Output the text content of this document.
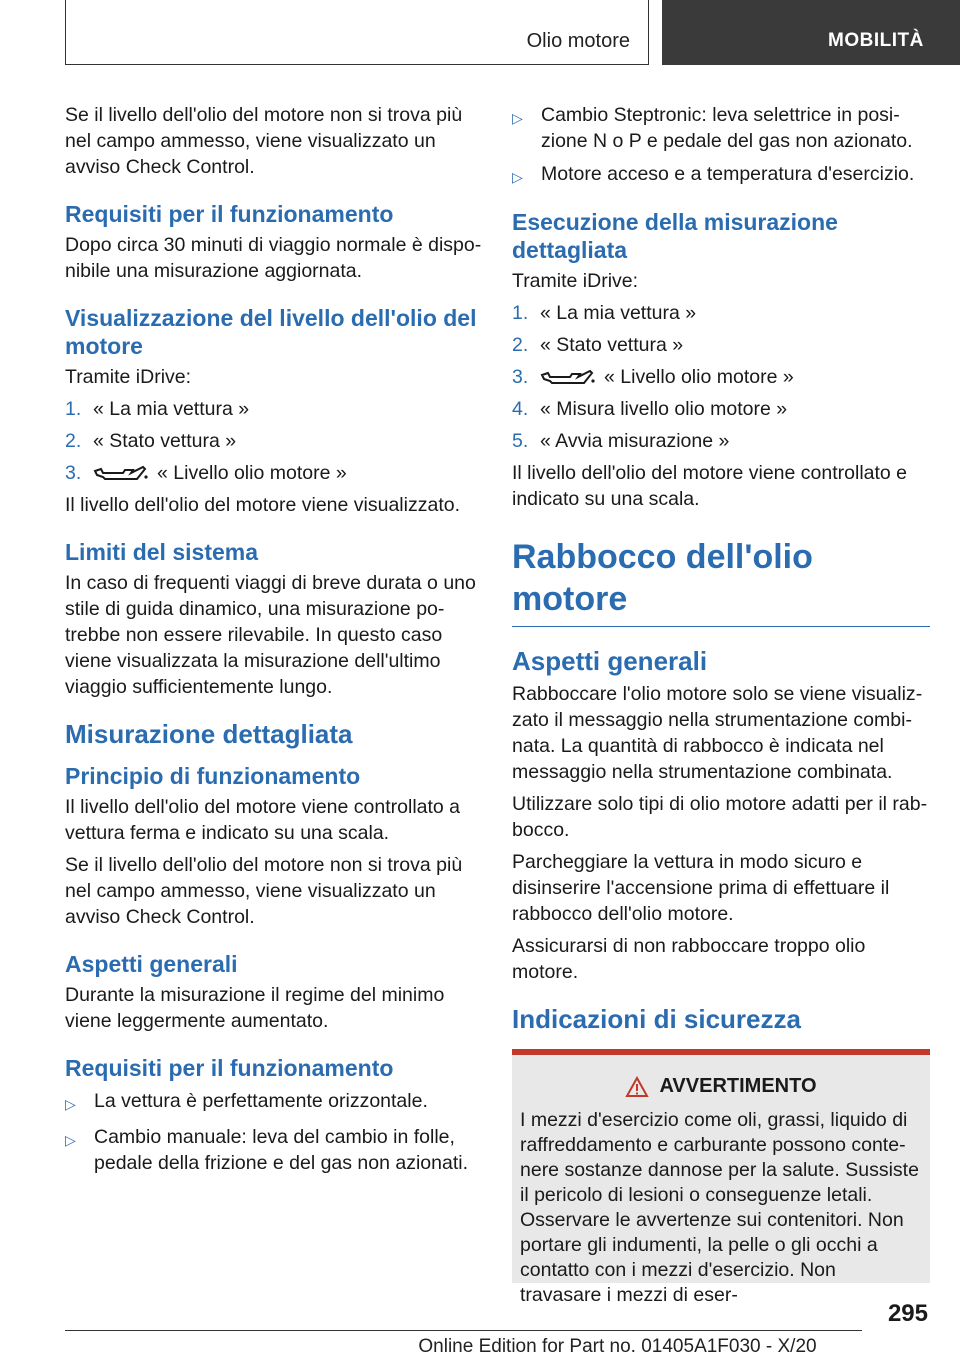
Olio motore	MOBILITÀ

Se il livello dell'olio del motore non si trova più nel campo ammesso, viene visualizzato un avviso Check Control.

Requisiti per il funzionamento

Dopo circa 30 minuti di viaggio normale è disponibile una misurazione aggiornata.

Visualizzazione del livello dell'olio del motore

Tramite iDrive:

1. « La mia vettura »
2. « Stato vettura »
3.	« Livello olio motore »

Il livello dell'olio del motore viene visualizzato.

Limiti del sistema

In caso di frequenti viaggi di breve durata o uno stile di guida dinamico, una misurazione potrebbe non essere rilevabile. In questo caso viene visualizzata la misurazione dell'ultimo viaggio sufficientemente lungo.

Misurazione dettagliata
Principio di funzionamento

Il livello dell'olio del motore viene controllato a vettura ferma e indicato su una scala.

Se il livello dell'olio del motore non si trova più nel campo ammesso, viene visualizzato un avviso Check Control.

Aspetti generali

Durante la misurazione il regime del minimo viene leggermente aumentato.

Requisiti per il funzionamento
▷ La vettura è perfettamente orizzontale.
▷ Cambio manuale: leva del cambio in folle, pedale della frizione e del gas non azionati.
▷ Cambio Steptronic: leva selettrice in posizione N o P e pedale del gas non azionato.
▷ Motore acceso e a temperatura d'esercizio.
Esecuzione della misurazione dettagliata

Tramite iDrive:

1. « La mia vettura »
2. « Stato vettura »
3.	« Livello olio motore »
4. « Misura livello olio motore »
5. « Avvia misurazione »

Il livello dell'olio del motore viene controllato e indicato su una scala.

Rabbocco dell'olio motore
Aspetti generali

Rabboccare l'olio motore solo se viene visualizzato il messaggio nella strumentazione combinata. La quantità di rabbocco è indicata nel messaggio nella strumentazione combinata.

Utilizzare solo tipi di olio motore adatti per il rabbocco.

Parcheggiare la vettura in modo sicuro e disinserire l'accensione prima di effettuare il rabbocco dell'olio motore.

Assicurarsi di non rabboccare troppo olio motore.

Indicazioni di sicurezza
AVVERTIMENTO

I mezzi d'esercizio come oli, grassi, liquido di raffreddamento e carburante possono contenere sostanze dannose per la salute. Sussiste il pericolo di lesioni o conseguenze letali. Osservare le avvertenze sui contenitori. Non portare gli indumenti, la pelle o gli occhi a contatto con i mezzi d'esercizio. Non travasare i mezzi di eser-

295
Online Edition for Part no. 01405A1F030 - X/20
